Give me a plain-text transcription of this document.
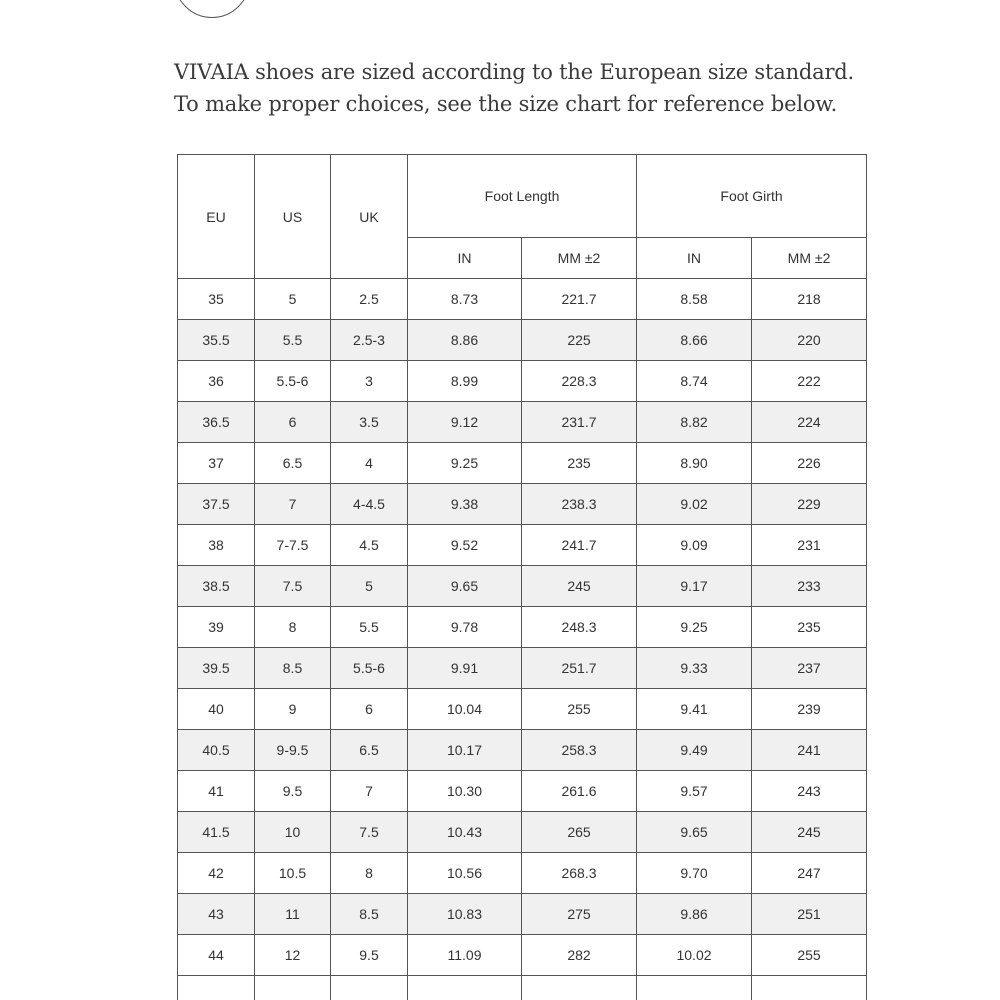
VIVAIA shoes are sized according to the European size standard.

To make proper choices, see the size chart for reference below.

EU	US	UK	Foot Length		Foot Girth	
			IN	MM ±2	IN	MM ±2
35	5	2.5	8.73	221.7	8.58	218
35.5	5.5	2.5-3	8.86	225	8.66	220
36	5.5-6	3	8.99	228.3	8.74	222
36.5	6	3.5	9.12	231.7	8.82	224
37	6.5	4	9.25	235	8.90	226
37.5	7	4-4.5	9.38	238.3	9.02	229
38	7-7.5	4.5	9.52	241.7	9.09	231
38.5	7.5	5	9.65	245	9.17	233
39	8	5.5	9.78	248.3	9.25	235
39.5	8.5	5.5-6	9.91	251.7	9.33	237
40	9	6	10.04	255	9.41	239
40.5	9-9.5	6.5	10.17	258.3	9.49	241
41	9.5	7	10.30	261.6	9.57	243
41.5	10	7.5	10.43	265	9.65	245
42	10.5	8	10.56	268.3	9.70	247
43	11	8.5	10.83	275	9.86	251
44	12	9.5	11.09	282	10.02	255
